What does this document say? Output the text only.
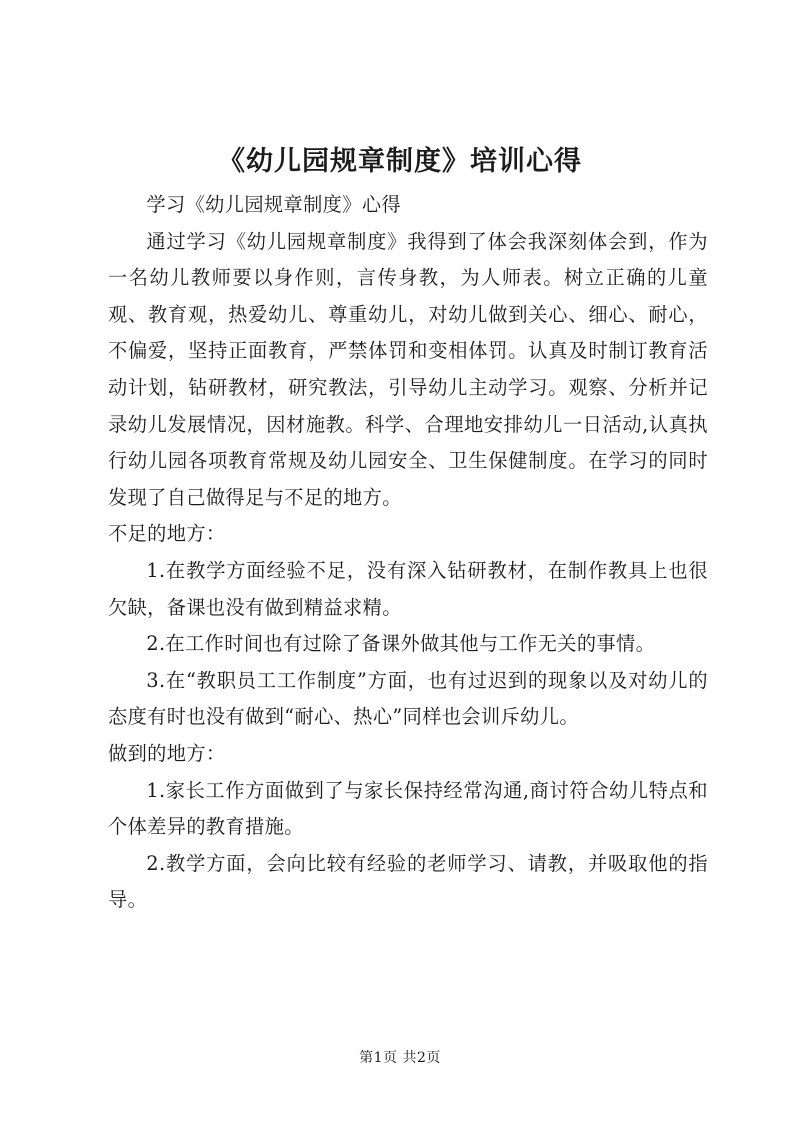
《幼儿园规章制度》培训心得

学习《幼儿园规章制度》心得

通过学习《幼儿园规章制度》我得到了体会我深刻体会到，作为一名幼儿教师要以身作则，言传身教，为人师表。树立正确的儿童观、教育观，热爱幼儿、尊重幼儿，对幼儿做到关心、细心、耐心，不偏爱，坚持正面教育，严禁体罚和变相体罚。认真及时制订教育活动计划，钻研教材，研究教法，引导幼儿主动学习。观察、分析并记录幼儿发展情况，因材施教。科学、合理地安排幼儿一日活动,认真执行幼儿园各项教育常规及幼儿园安全、卫生保健制度。在学习的同时发现了自己做得足与不足的地方。

不足的地方：

1.在教学方面经验不足，没有深入钻研教材，在制作教具上也很欠缺，备课也没有做到精益求精。

2.在工作时间也有过除了备课外做其他与工作无关的事情。

3.在“教职员工工作制度”方面，也有过迟到的现象以及对幼儿的态度有时也没有做到“耐心、热心”同样也会训斥幼儿。

做到的地方：

1.家长工作方面做到了与家长保持经常沟通,商讨符合幼儿特点和个体差异的教育措施。

2.教学方面，会向比较有经验的老师学习、请教，并吸取他的指导。

第1页 共2页
